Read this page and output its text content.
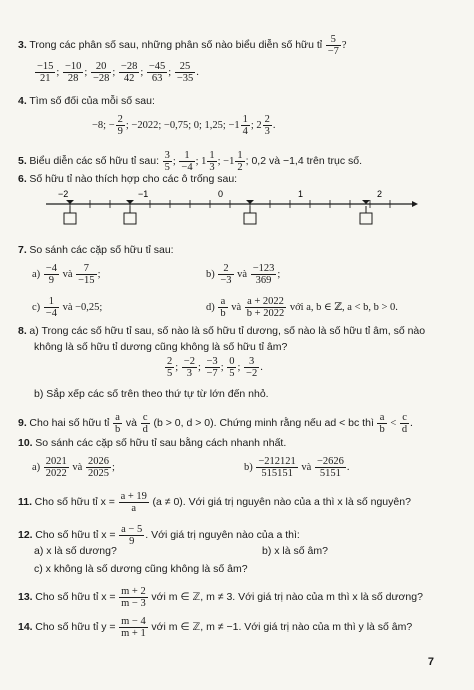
3. Trong các phân số sau, những phân số nào biểu diễn số hữu tỉ $\frac{5}{-7}$ ?
$\frac{-15}{21}$ ; $\frac{-10}{28}$ ; $\frac{20}{-28}$ ; $\frac{-28}{42}$ ; $\frac{-45}{63}$ ; $\frac{25}{-35}$ .
4. Tìm số đối của mỗi số sau:
−8; − $\frac{2}{9}$ ; −2022; −0,75; 0; 1,25; $-1 \frac{1}{4}$ ; $2 \frac{2}{3}$ .
5. Biểu diễn các số hữu tỉ sau: $\frac{3}{5}$ ; $\frac{1}{-4}$ ; $1 \frac{1}{3}$ ; $-1 \frac{1}{2}$ ; 0,2 và −1,4 trên trục số.
6. Số hữu tỉ nào thích hợp cho các ô trống sau:
−2	−1	0	1	2
7. So sánh các cặp số hữu tỉ sau:
$a) \frac{-4}{9}$ và $\frac{7}{-15}$ ;	$b) \frac{2}{-3}$ và $\frac{-123}{369}$ ;
$c) \frac{1}{-4}$ và −0,25;	$d) \frac{a}{b}$ và $\frac{a + 2022}{b + 2022}$ với a, b ∈ ℤ, a < b, b > 0.
8. a) Trong các số hữu tỉ sau, số nào là số hữu tỉ dương, số nào là số hữu tỉ âm, số nào
không là số hữu tỉ dương cũng không là số hữu tỉ âm?
$\frac{2}{5}$ ; $\frac{-2}{3}$ ; $\frac{-3}{-7}$ ; $\frac{0}{5}$ ; $\frac{3}{-2}$ .
b) Sắp xếp các số trên theo thứ tự từ lớn đến nhỏ.
9. Cho hai số hữu tỉ $\frac{a}{b}$ và $\frac{c}{d} (b > 0$, d > 0). Chứng minh rằng nếu ad < bc thì $\frac{a}{b} < \frac{c}{d}$ .
10. So sánh các cặp số hữu tỉ sau bằng cách nhanh nhất.
$a) \frac{2021}{2022}$ và $\frac{2026}{2025}$ ;	$b) \frac{-212121}{515151}$ và $\frac{-2626}{5151}$ .
11. Cho số hữu tỉ $x = \frac{a + 19}{a} (a \ne 0)$. Với giá trị nguyên nào của a thì x là số nguyên?
12. Cho số hữu tỉ $x = \frac{a - 5}{9}$ . Với giá trị nguyên nào của a thì:
a) x là số dương?	b) x là số âm?
c) x không là số dương cũng không là số âm?
13. Cho số hữu tỉ $x = \frac{m + 2}{m - 3}$ với m ∈ ℤ, m ≠ 3. Với giá trị nào của m thì x là số dương?
14. Cho số hữu tỉ $y = \frac{m - 4}{m + 1}$ với m ∈ ℤ, m ≠ −1. Với giá trị nào của m thì y là số âm?
7
